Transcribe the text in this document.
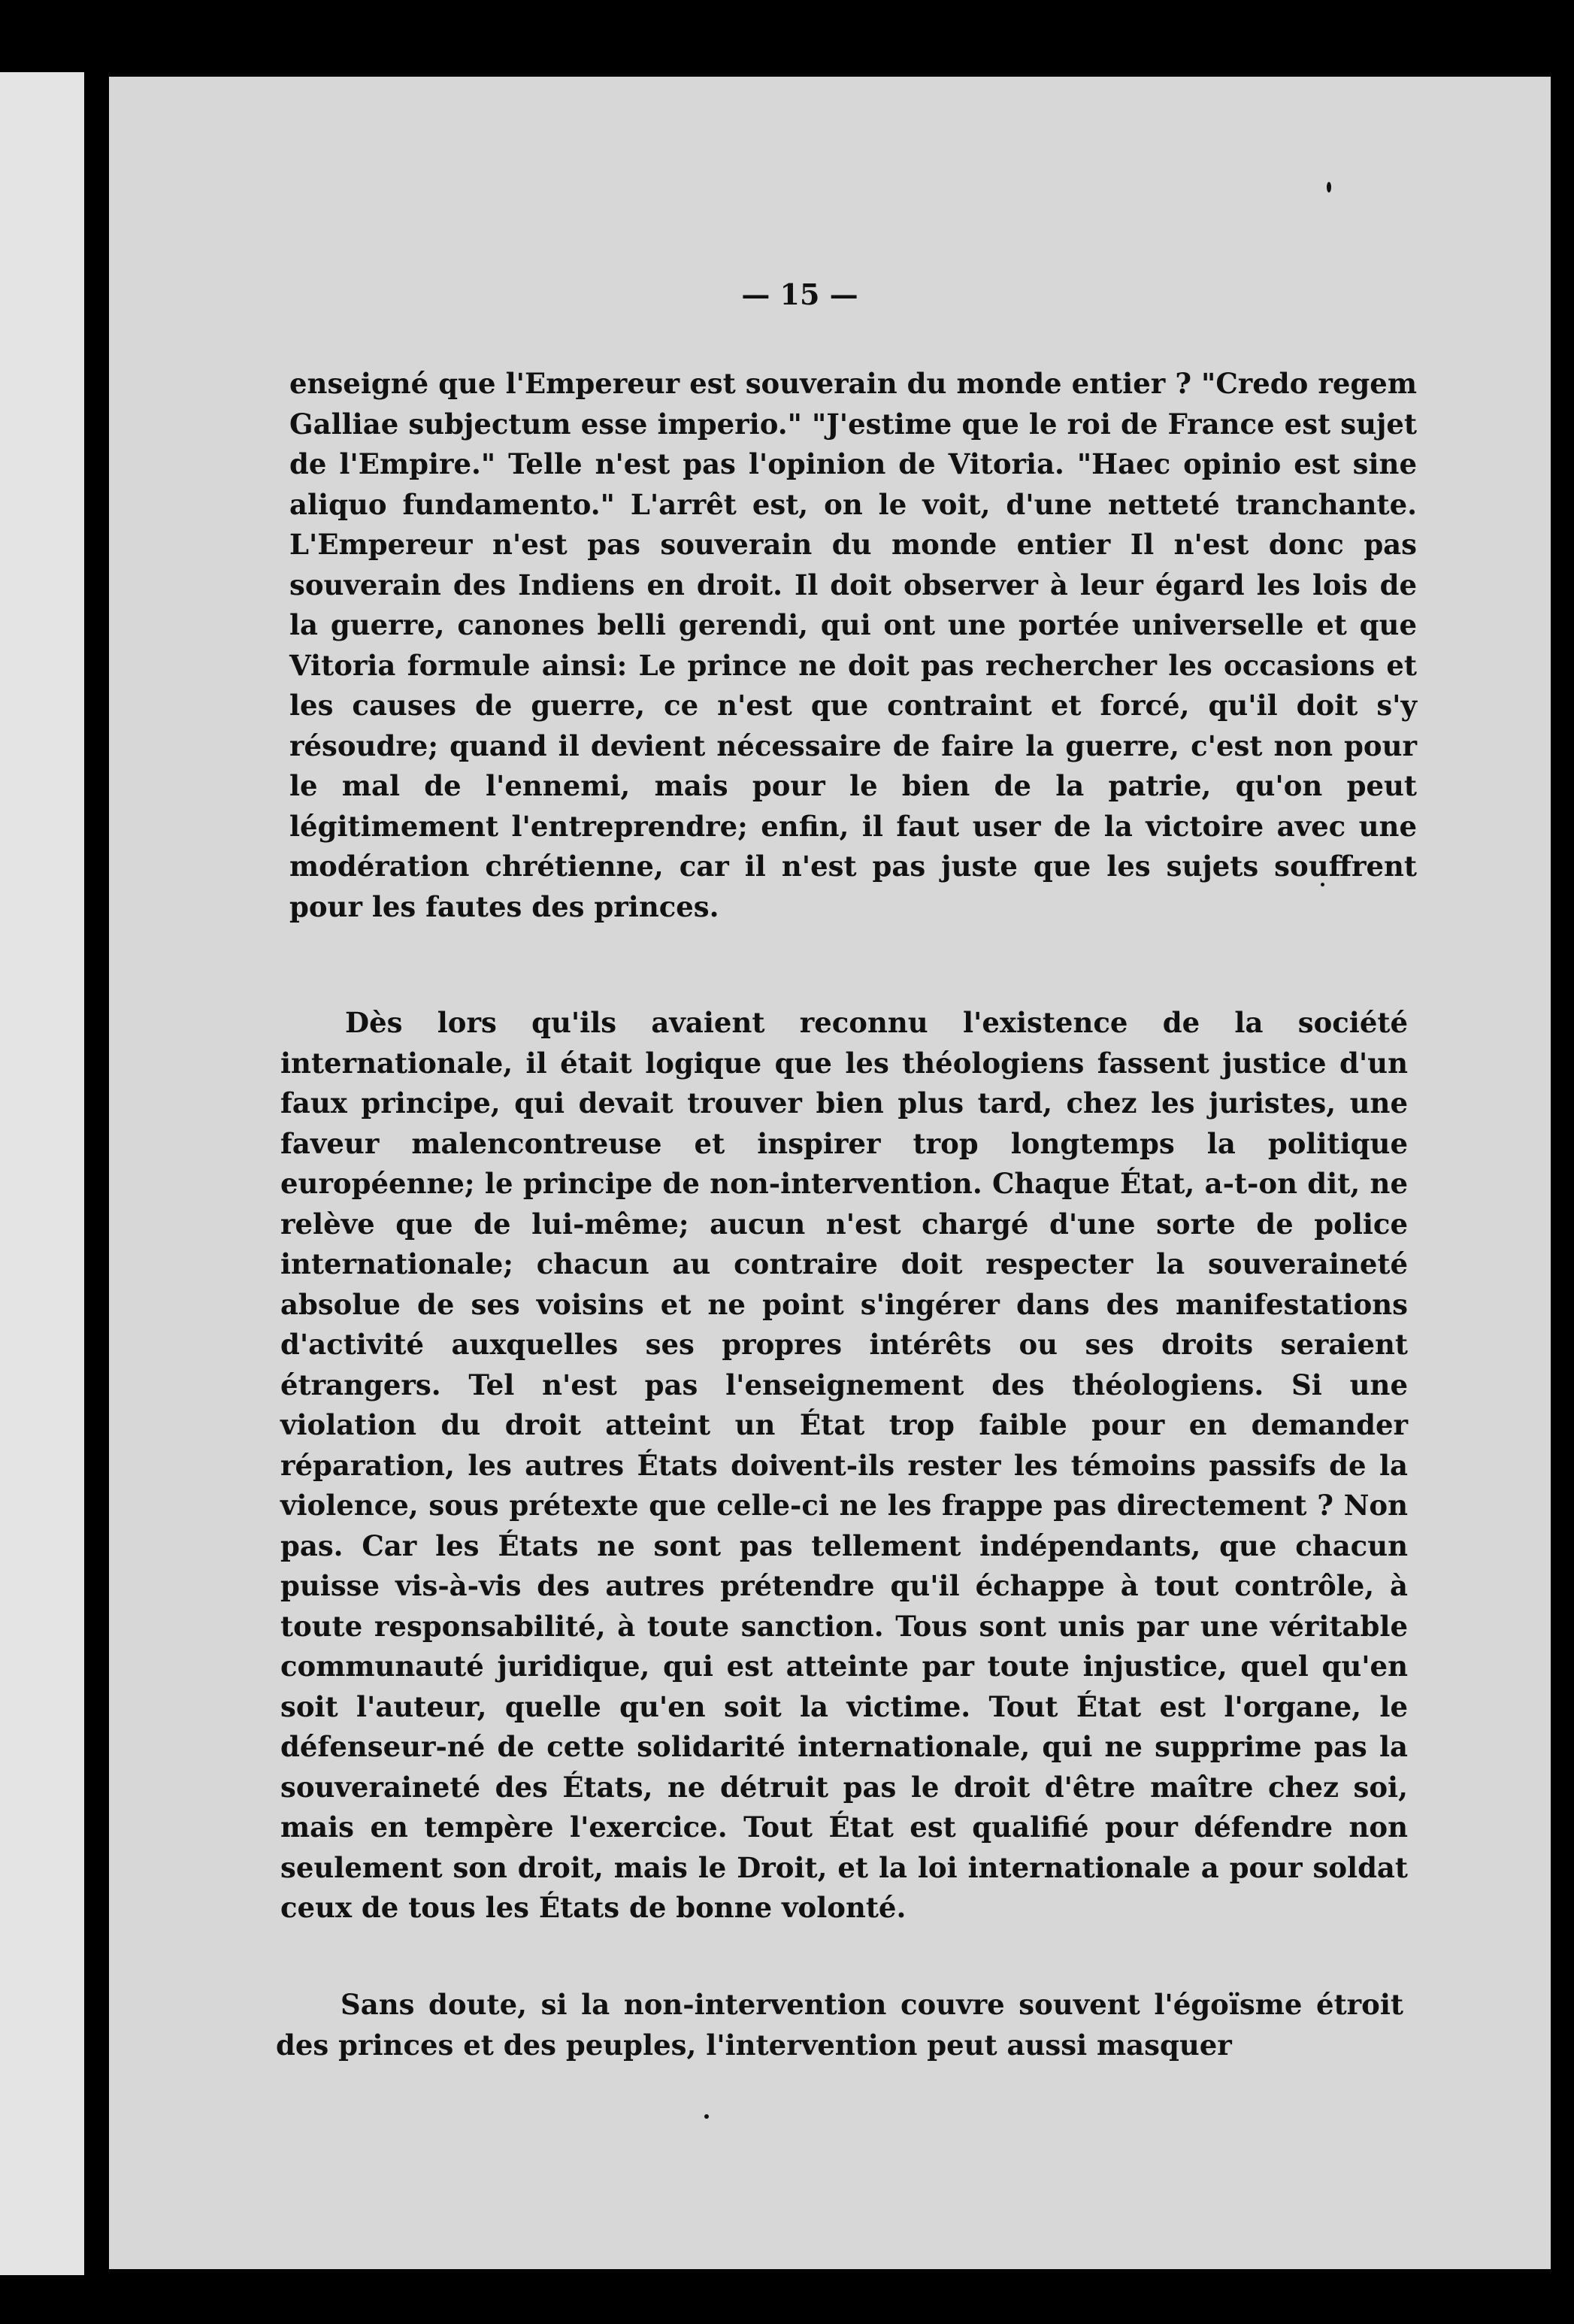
— 15 —

enseigné que l'Empereur est souverain du monde entier ? "Credo regem Galliae subjectum esse imperio." "J'estime que le roi de France est sujet de l'Empire." Telle n'est pas l'opinion de Vitoria. "Haec opinio est sine aliquo fundamento." L'arrêt est, on le voit, d'une netteté tranchante. L'Empereur n'est pas souverain du monde entier Il n'est donc pas souverain des Indiens en droit. Il doit observer à leur égard les lois de la guerre, canones belli gerendi, qui ont une portée universelle et que Vitoria formule ainsi: Le prince ne doit pas rechercher les occasions et les causes de guerre, ce n'est que contraint et forcé, qu'il doit s'y résoudre; quand il devient nécessaire de faire la guerre, c'est non pour le mal de l'ennemi, mais pour le bien de la patrie, qu'on peut légitimement l'entreprendre; enfin, il faut user de la victoire avec une modération chrétienne, car il n'est pas juste que les sujets souffrent pour les fautes des princes.

Dès lors qu'ils avaient reconnu l'existence de la société internationale, il était logique que les théologiens fassent justice d'un faux principe, qui devait trouver bien plus tard, chez les juristes, une faveur malencontreuse et inspirer trop longtemps la politique européenne; le principe de non-intervention. Chaque État, a-t-on dit, ne relève que de lui-même; aucun n'est chargé d'une sorte de police internationale; chacun au contraire doit respecter la souveraineté absolue de ses voisins et ne point s'ingérer dans des manifestations d'activité auxquelles ses propres intérêts ou ses droits seraient étrangers. Tel n'est pas l'enseignement des théologiens. Si une violation du droit atteint un État trop faible pour en demander réparation, les autres États doivent-ils rester les témoins passifs de la violence, sous prétexte que celle-ci ne les frappe pas directement ? Non pas. Car les États ne sont pas tellement indépendants, que chacun puisse vis-à-vis des autres prétendre qu'il échappe à tout contrôle, à toute responsabilité, à toute sanction. Tous sont unis par une véritable communauté juridique, qui est atteinte par toute injustice, quel qu'en soit l'auteur, quelle qu'en soit la victime. Tout État est l'organe, le défenseur-né de cette solidarité internationale, qui ne supprime pas la souveraineté des États, ne détruit pas le droit d'être maître chez soi, mais en tempère l'exercice. Tout État est qualifié pour défendre non seulement son droit, mais le Droit, et la loi internationale a pour soldat ceux de tous les États de bonne volonté.

Sans doute, si la non-intervention couvre souvent l'égoïsme étroit des princes et des peuples, l'intervention peut aussi masquer
